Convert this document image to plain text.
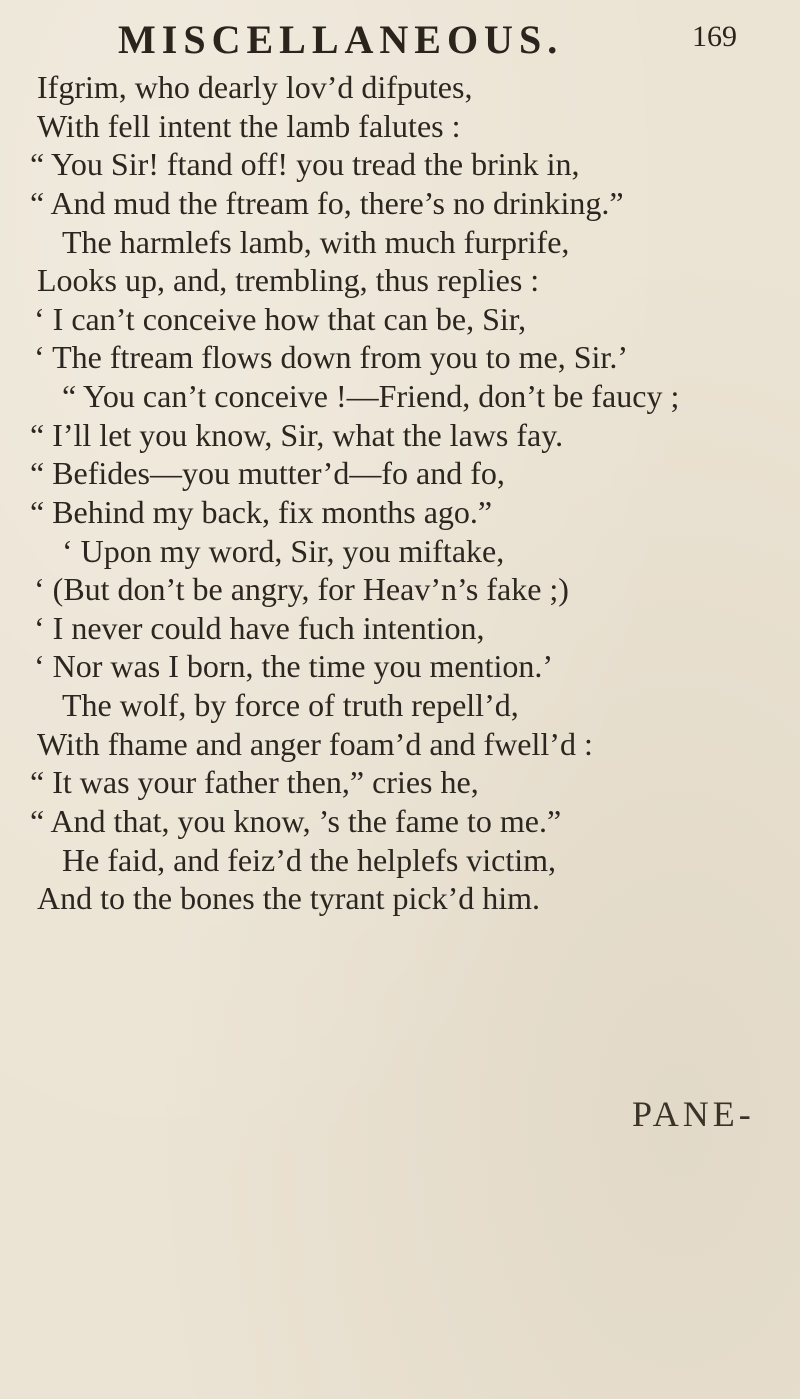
MISCELLANEOUS.	169
Ifgrim, who dearly lov’d difputes,
With fell intent the lamb falutes :
“ You Sir! ftand off! you tread the brink in,
“ And mud the ftream fo, there’s no drinking.”
The harmlefs lamb, with much furprife,
Looks up, and, trembling, thus replies :
‘ I can’t conceive how that can be, Sir,
‘ The ftream flows down from you to me, Sir.’
“ You can’t conceive !—Friend, don’t be faucy ;
“ I’ll let you know, Sir, what the laws fay.
“ Befides—you mutter’d—fo and fo,
“ Behind my back, fix months ago.”
‘ Upon my word, Sir, you miftake,
‘ (But don’t be angry, for Heav’n’s fake ;)
‘ I never could have fuch intention,
‘ Nor was I born, the time you mention.’
The wolf, by force of truth repell’d,
With fhame and anger foam’d and fwell’d :
“ It was your father then,” cries he,
“ And that, you know, ’s the fame to me.”
He faid, and feiz’d the helplefs victim,
And to the bones the tyrant pick’d him.
PANE-
